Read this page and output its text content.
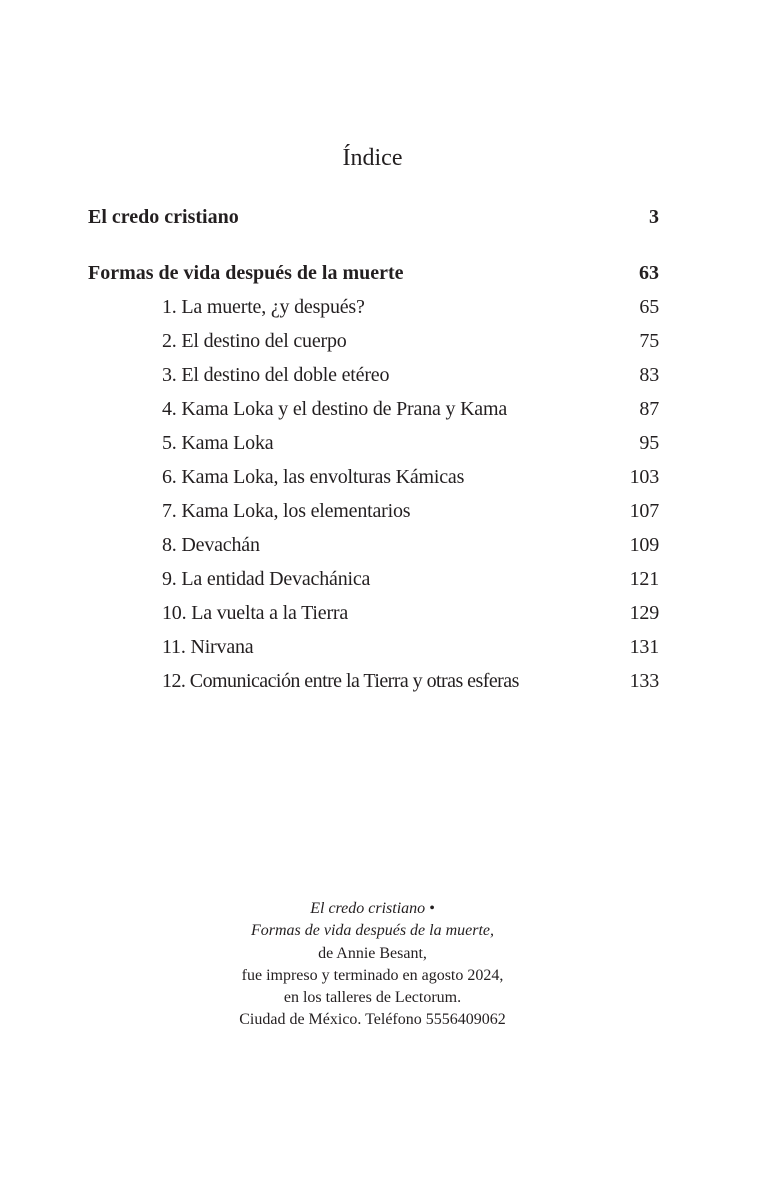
Índice
El credo cristiano	3
Formas de vida después de la muerte	63
1. La muerte, ¿y después?	65
2. El destino del cuerpo	75
3. El destino del doble etéreo	83
4. Kama Loka y el destino de Prana y Kama	87
5. Kama Loka	95
6. Kama Loka, las envolturas Kámicas	103
7. Kama Loka, los elementarios	107
8. Devachán	109
9. La entidad Devachánica	121
10. La vuelta a la Tierra	129
11. Nirvana	131
12. Comunicación entre la Tierra y otras esferas	133
El credo cristiano •
Formas de vida después de la muerte,
de Annie Besant,
fue impreso y terminado en agosto 2024,
en los talleres de Lectorum.
Ciudad de México. Teléfono 5556409062
